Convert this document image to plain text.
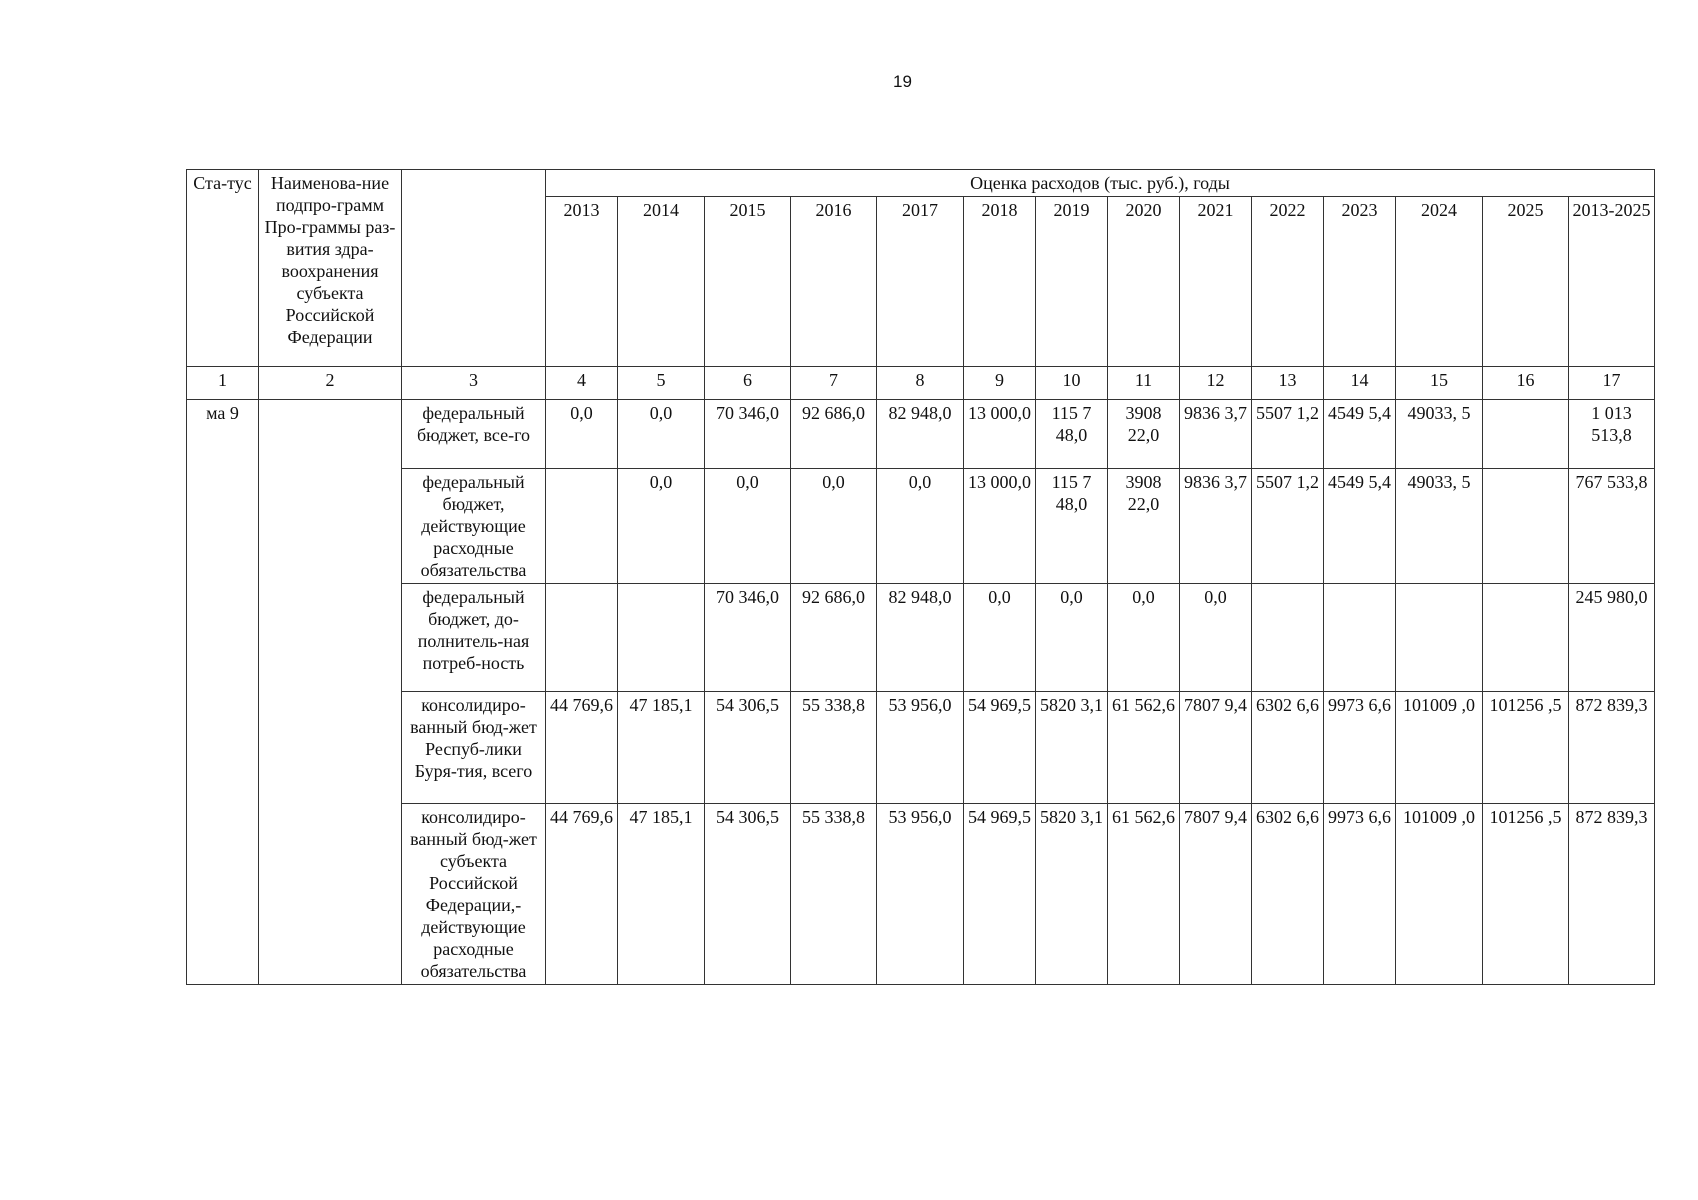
19
Ста-тус	Наименова-ние подпро-грамм Про-граммы раз-вития здра-воохранения субъекта Российской Федерации		Оценка расходов (тыс. руб.), годы													
			2013	2014	2015	2016	2017	2018	2019	2020	2021	2022	2023	2024	2025	2013-2025
1	2	3	4	5	6	7	8	9	10	11	12	13	14	15	16	17
ма 9		федеральный бюджет, все-го	0,0	0,0	70 346,0	92 686,0	82 948,0	13 000,0	115 7 48,0	3908 22,0	9836 3,7	5507 1,2	4549 5,4	49033, 5		1 013 513,8
		федеральный бюджет, действующие расходные обязательства		0,0	0,0	0,0	0,0	13 000,0	115 7 48,0	3908 22,0	9836 3,7	5507 1,2	4549 5,4	49033, 5		767 533,8
		федеральный бюджет, до-полнитель-ная потреб-ность			70 346,0	92 686,0	82 948,0	0,0	0,0	0,0	0,0					245 980,0
		консолидиро-ванный бюд-жет Респуб-лики Буря-тия, всего	44 769,6	47 185,1	54 306,5	55 338,8	53 956,0	54 969,5	5820 3,1	61 562,6	7807 9,4	6302 6,6	9973 6,6	101009 ,0	101256 ,5	872 839,3
		консолидиро-ванный бюд-жет субъекта Российской Федерации,-действующие расходные обязательства	44 769,6	47 185,1	54 306,5	55 338,8	53 956,0	54 969,5	5820 3,1	61 562,6	7807 9,4	6302 6,6	9973 6,6	101009 ,0	101256 ,5	872 839,3
